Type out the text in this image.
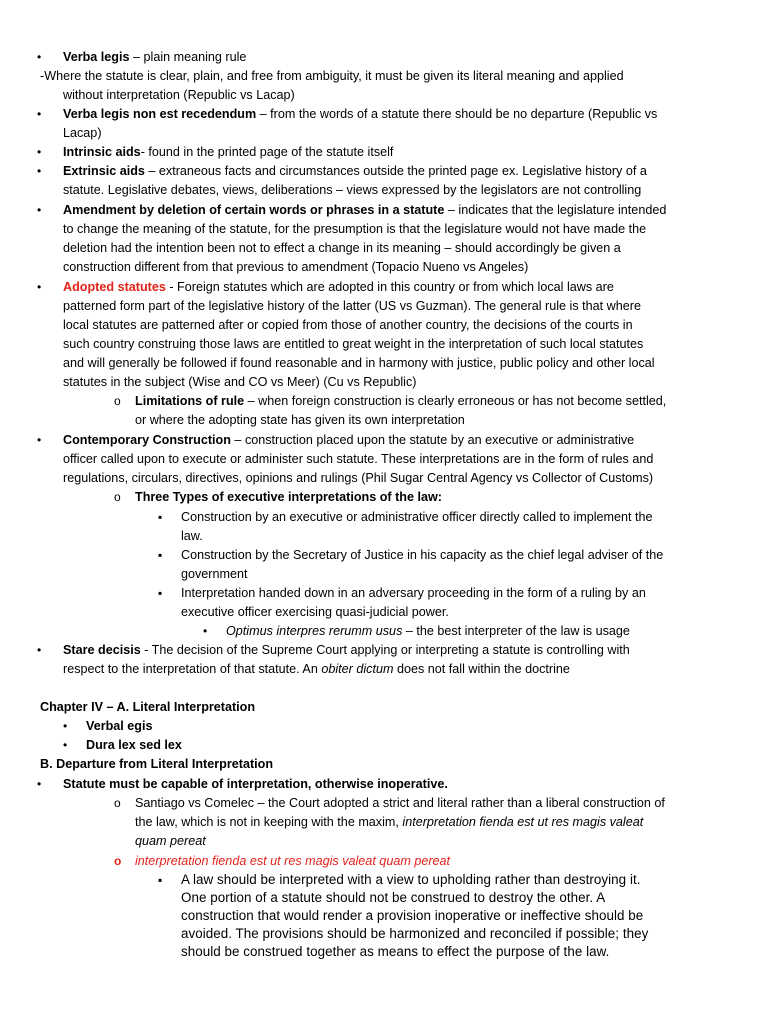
• Verba legis – plain meaning rule
-Where the statute is clear, plain, and free from ambiguity, it must be given its literal meaning and applied
without interpretation (Republic vs Lacap)
• Verba legis non est recedendum – from the words of a statute there should be no departure (Republic vs
Lacap)
• Intrinsic aids- found in the printed page of the statute itself
• Extrinsic aids – extraneous facts and circumstances outside the printed page ex. Legislative history of a
statute. Legislative debates, views, deliberations – views expressed by the legislators are not controlling
• Amendment by deletion of certain words or phrases in a statute – indicates that the legislature intended
to change the meaning of the statute, for the presumption is that the legislature would not have made the
deletion had the intention been not to effect a change in its meaning – should accordingly be given a
construction different from that previous to amendment (Topacio Nueno vs Angeles)
• Adopted statutes - Foreign statutes which are adopted in this country or from which local laws are
patterned form part of the legislative history of the latter (US vs Guzman). The general rule is that where
local statutes are patterned after or copied from those of another country, the decisions of the courts in
such country construing those laws are entitled to great weight in the interpretation of such local statutes
and will generally be followed if found reasonable and in harmony with justice, public policy and other local
statutes in the subject (Wise and CO vs Meer) (Cu vs Republic)
o Limitations of rule – when foreign construction is clearly erroneous or has not become settled,
or where the adopting state has given its own interpretation
• Contemporary Construction – construction placed upon the statute by an executive or administrative
officer called upon to execute or administer such statute. These interpretations are in the form of rules and
regulations, circulars, directives, opinions and rulings (Phil Sugar Central Agency vs Collector of Customs)
o Three Types of executive interpretations of the law:
▪ Construction by an executive or administrative officer directly called to implement the
law.
▪ Construction by the Secretary of Justice in his capacity as the chief legal adviser of the
government
▪ Interpretation handed down in an adversary proceeding in the form of a ruling by an
executive officer exercising quasi-judicial power.
• Optimus interpres rerumm usus – the best interpreter of the law is usage
• Stare decisis - The decision of the Supreme Court applying or interpreting a statute is controlling with
respect to the interpretation of that statute. An obiter dictum does not fall within the doctrine
Chapter IV – A. Literal Interpretation
• Verbal egis
• Dura lex sed lex
B. Departure from Literal Interpretation
• Statute must be capable of interpretation, otherwise inoperative.
o Santiago vs Comelec – the Court adopted a strict and literal rather than a liberal construction of
the law, which is not in keeping with the maxim, interpretation fienda est ut res magis valeat
quam pereat
o interpretation fienda est ut res magis valeat quam pereat
▪ A law should be interpreted with a view to upholding rather than destroying it.
One portion of a statute should not be construed to destroy the other. A
construction that would render a provision inoperative or ineffective should be
avoided. The provisions should be harmonized and reconciled if possible; they
should be construed together as means to effect the purpose of the law.
